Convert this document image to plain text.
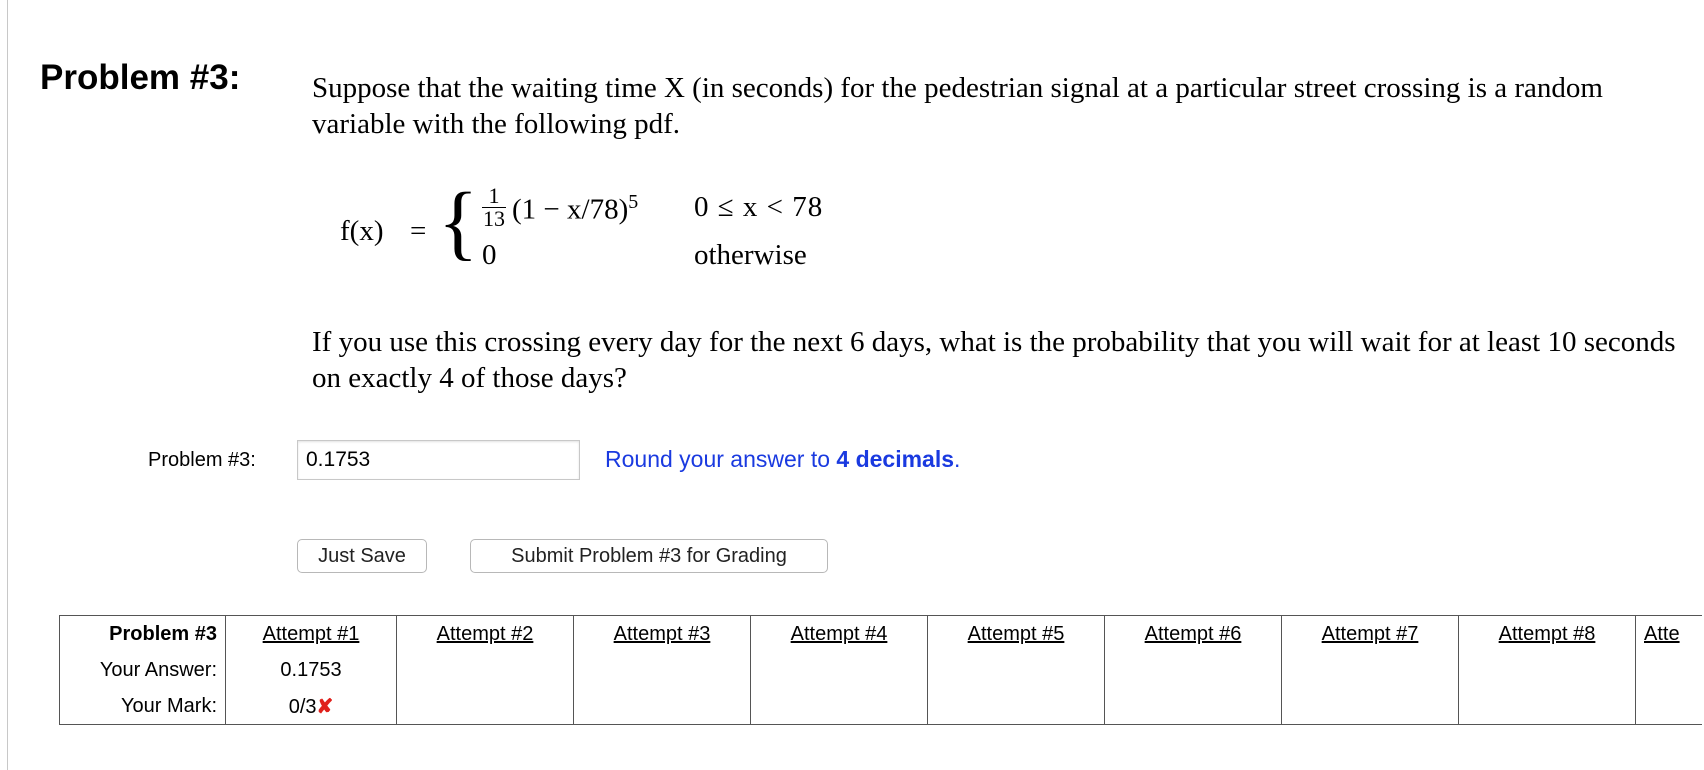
Problem #3: Suppose that the waiting time X (in seconds) for the pedestrian signal at a particular street crossing is a random variable with the following pdf.
f(x) = { $\frac{1}{13} (1 - x/78)^5$
0
0 ≤ x < 78
otherwise
If you use this crossing every day for the next 6 days, what is the probability that you will wait for at least 10 seconds on exactly 4 of those days?
Problem #3:
0.1753	Round your answer to 4 decimals.
Just Save	Submit Problem #3 for Grading
Problem #3	Attempt #1	Attempt #2	Attempt #3	Attempt #4	Attempt #5	Attempt #6	Attempt #7	Attempt #8	Atte
Your Answer:	0.1753								
Your Mark:	0/3✘								
